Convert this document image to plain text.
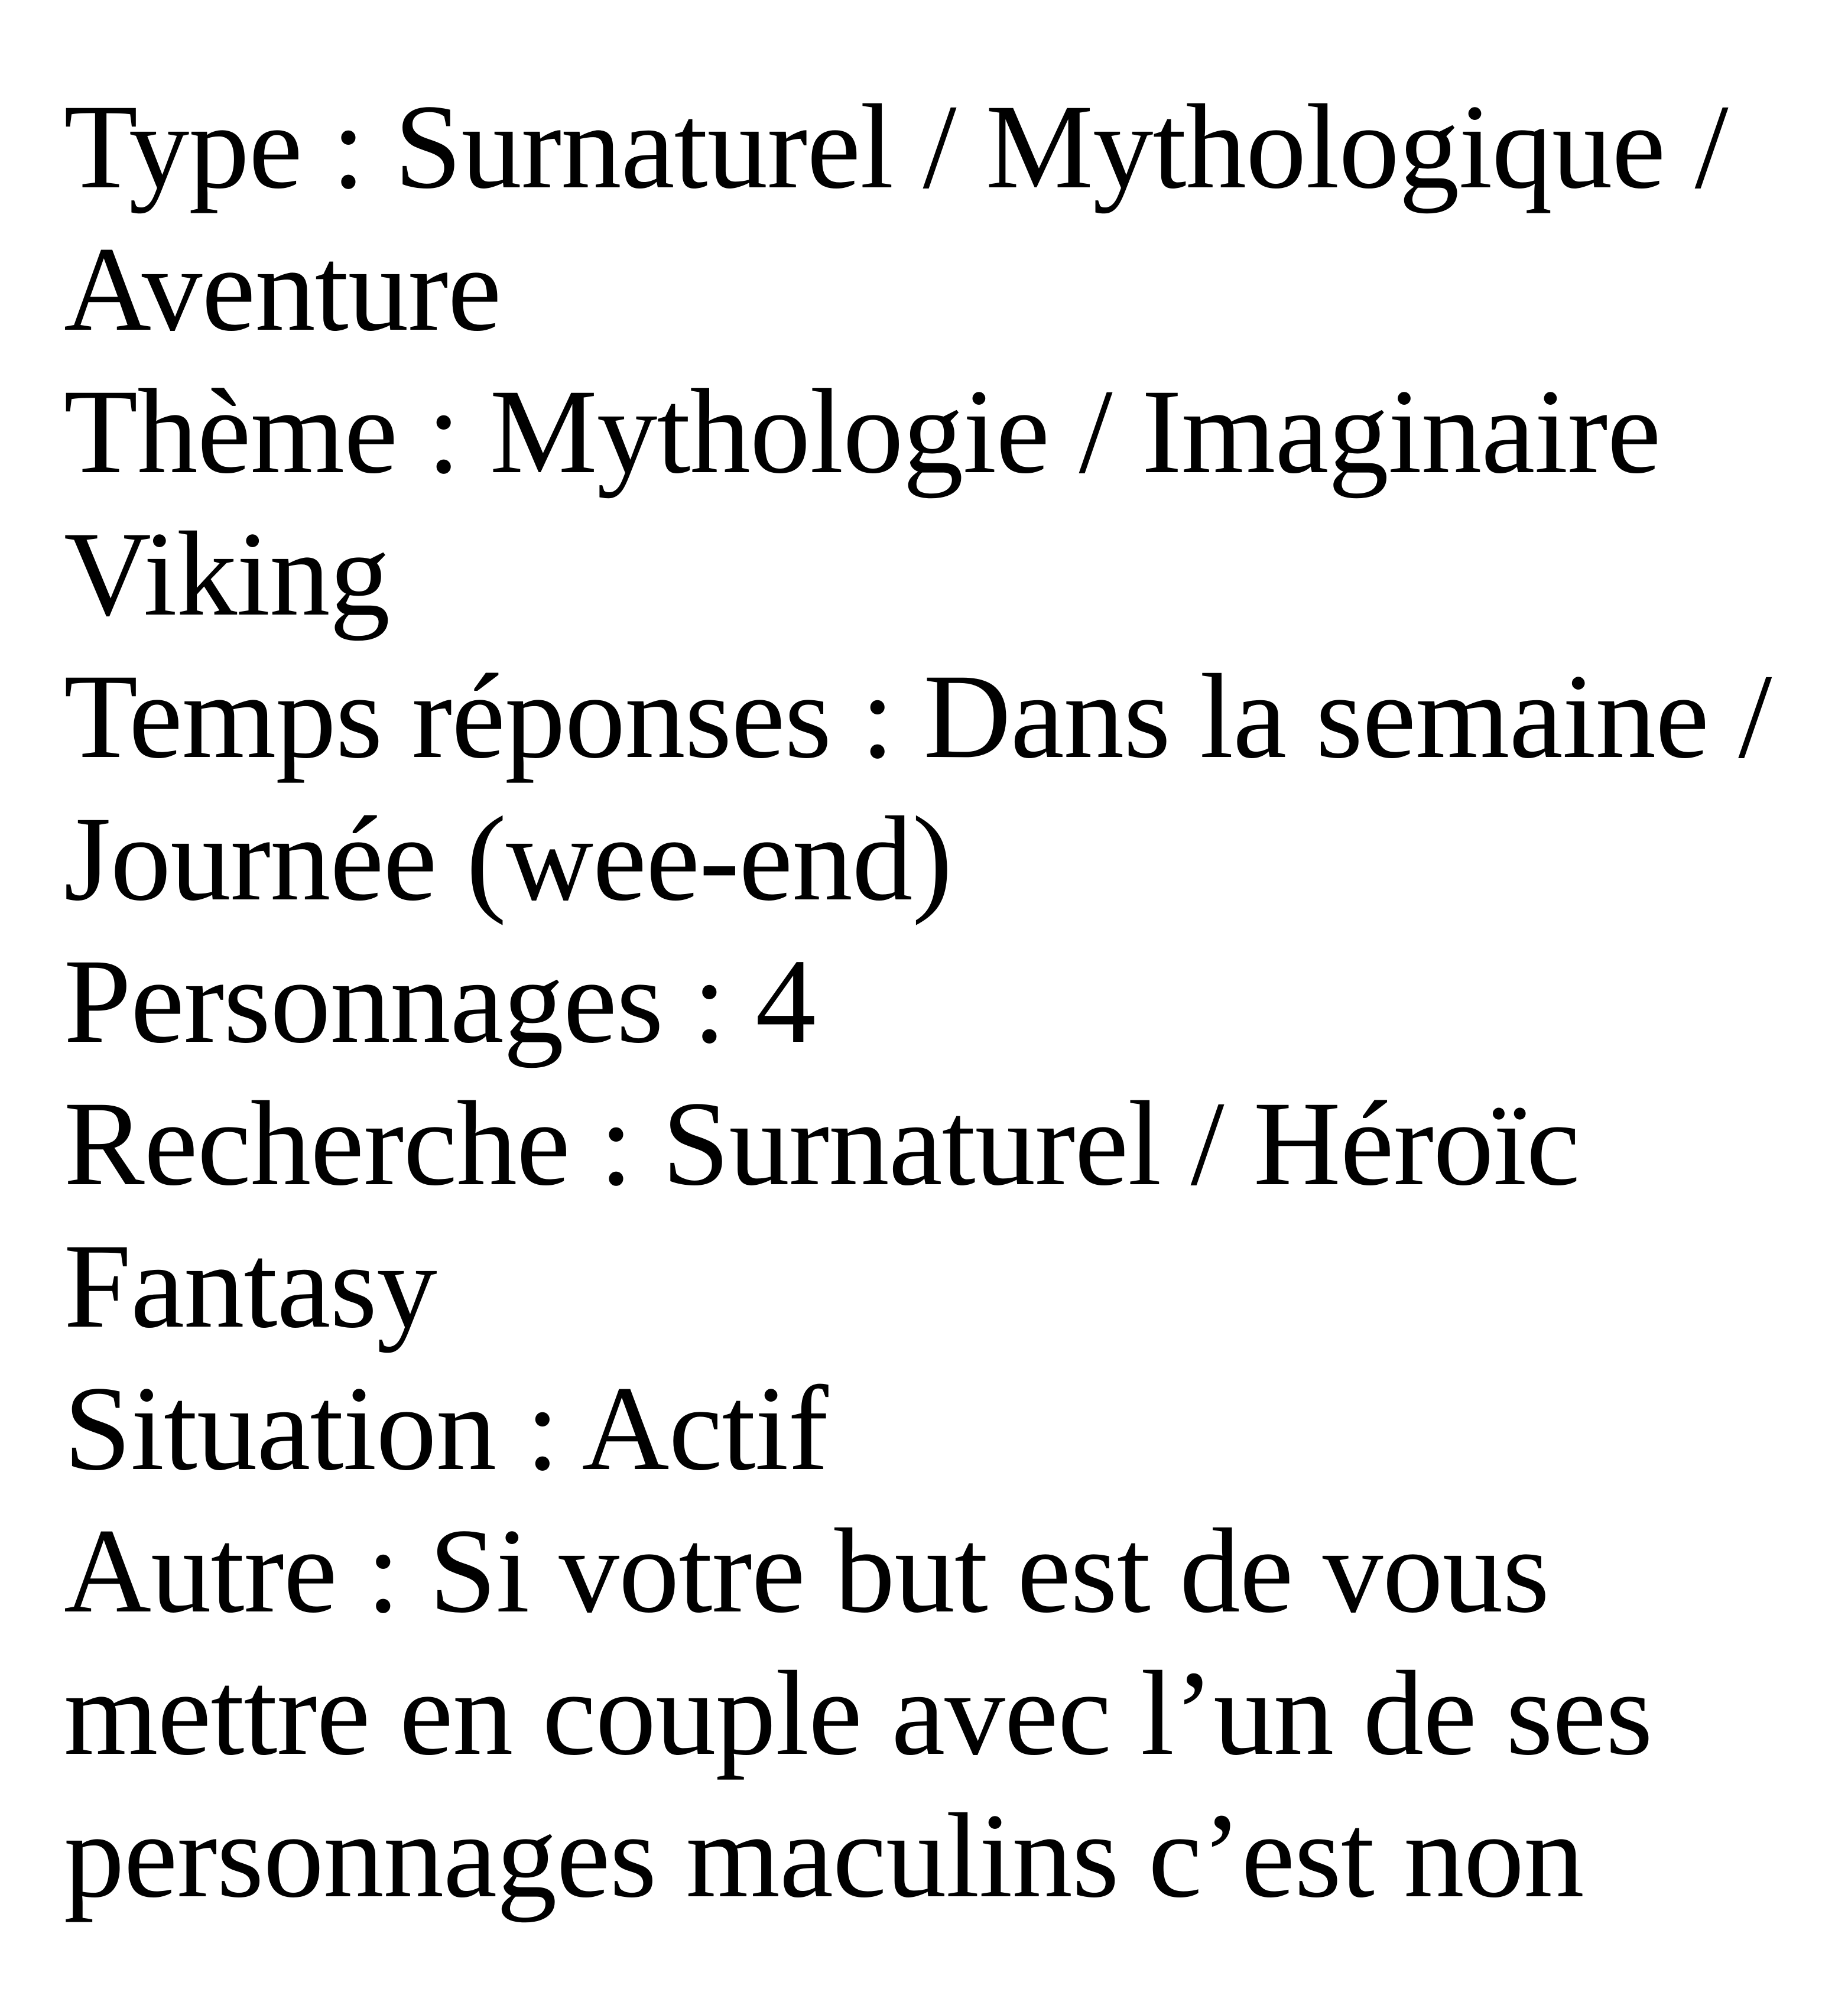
Type : Surnaturel / Mythologique /
Aventure
Thème : Mythologie / Imaginaire
Viking
Temps réponses : Dans la semaine /
Journée (wee-end)
Personnages : 4
Recherche : Surnaturel / Héroïc
Fantasy
Situation : Actif
Autre : Si votre but est de vous
mettre en couple avec l’un de ses
personnages maculins c’est non
